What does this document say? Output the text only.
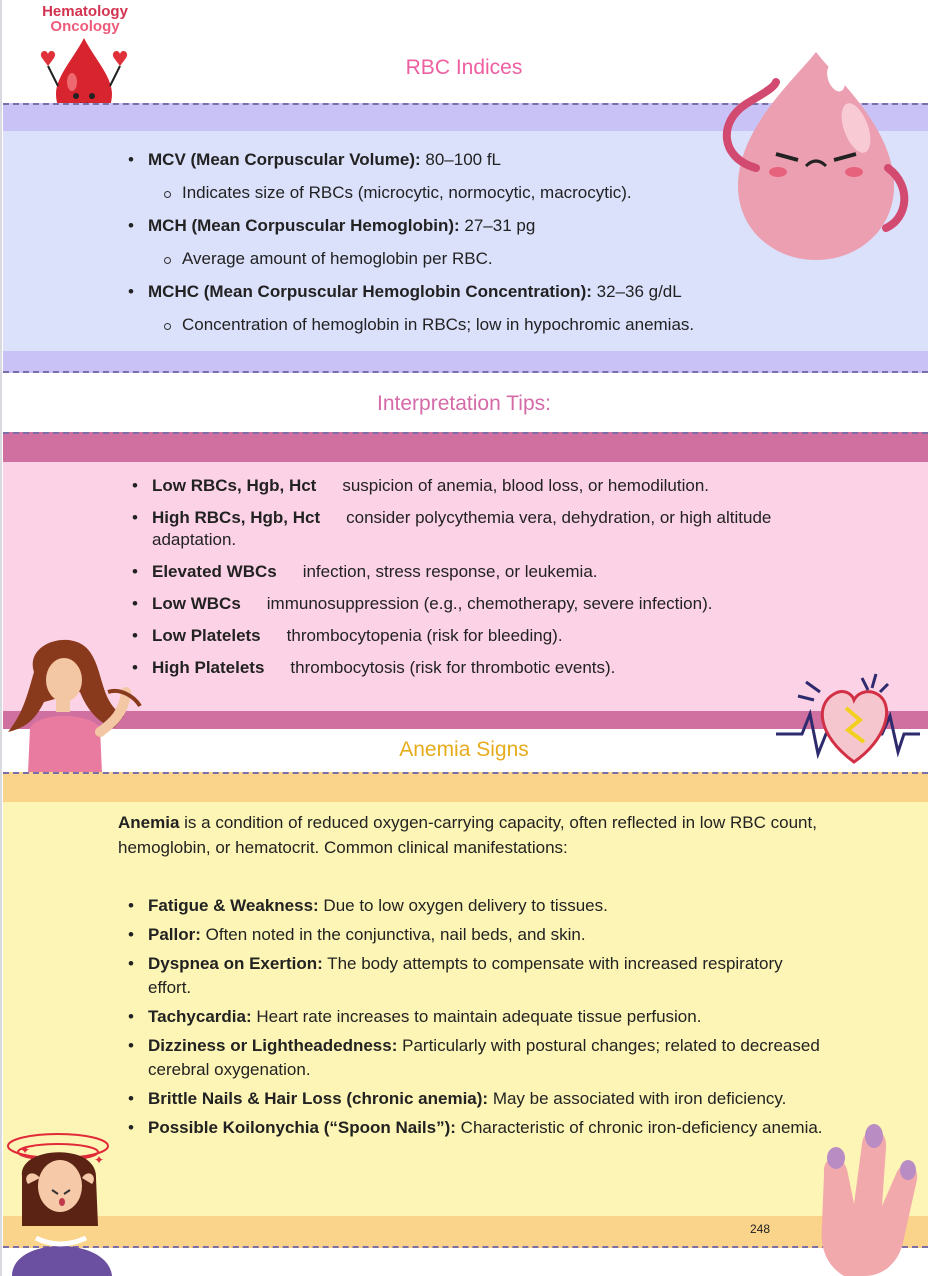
Hematology
Oncology
RBC Indices
• MCV (Mean Corpuscular Volume): 80–100 fL
Indicates size of RBCs (microcytic, normocytic, macrocytic).
• MCH (Mean Corpuscular Hemoglobin): 27–31 pg
Average amount of hemoglobin per RBC.
• MCHC (Mean Corpuscular Hemoglobin Concentration): 32–36 g/dL
Concentration of hemoglobin in RBCs; low in hypochromic anemias.
Interpretation Tips:
• Low RBCs, Hgb, Hct suspicion of anemia, blood loss, or hemodilution.
• High RBCs, Hgb, Hct consider polycythemia vera, dehydration, or high altitude adaptation.
• Elevated WBCs infection, stress response, or leukemia.
• Low WBCs immunosuppression (e.g., chemotherapy, severe infection).
• Low Platelets thrombocytopenia (risk for bleeding).
• High Platelets thrombocytosis (risk for thrombotic events).
Anemia Signs
Anemia is a condition of reduced oxygen-carrying capacity, often reflected in low RBC count, hemoglobin, or hematocrit. Common clinical manifestations:
• Fatigue & Weakness: Due to low oxygen delivery to tissues.
• Pallor: Often noted in the conjunctiva, nail beds, and skin.
• Dyspnea on Exertion: The body attempts to compensate with increased respiratory effort.
• Tachycardia: Heart rate increases to maintain adequate tissue perfusion.
• Dizziness or Lightheadedness: Particularly with postural changes; related to decreased cerebral oxygenation.
• Brittle Nails & Hair Loss (chronic anemia): May be associated with iron deficiency.
• Possible Koilonychia (“Spoon Nails”): Characteristic of chronic iron-deficiency anemia.
✦
✦
248
